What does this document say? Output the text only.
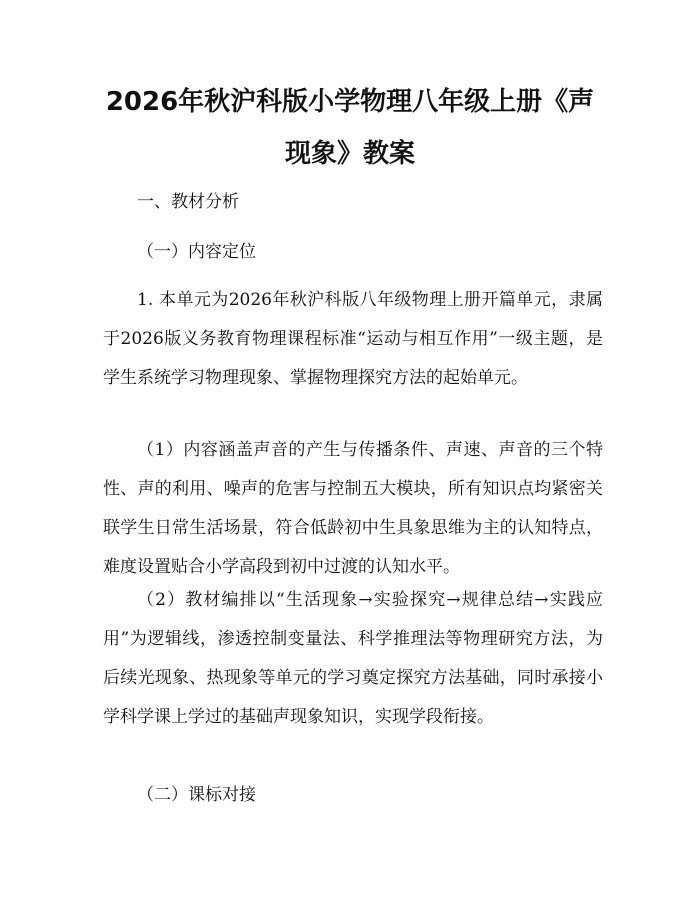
2026年秋沪科版小学物理八年级上册《声现象》教案
一、教材分析
（一）内容定位

1. 本单元为2026年秋沪科版八年级物理上册开篇单元，隶属于2026版义务教育物理课程标准“运动与相互作用”一级主题，是学生系统学习物理现象、掌握物理探究方法的起始单元。

（1）内容涵盖声音的产生与传播条件、声速、声音的三个特性、声的利用、噪声的危害与控制五大模块，所有知识点均紧密关联学生日常生活场景，符合低龄初中生具象思维为主的认知特点，难度设置贴合小学高段到初中过渡的认知水平。

（2）教材编排以“生活现象→实验探究→规律总结→实践应用”为逻辑线，渗透控制变量法、科学推理法等物理研究方法，为后续光现象、热现象等单元的学习奠定探究方法基础，同时承接小学科学课上学过的基础声现象知识，实现学段衔接。

（二）课标对接
